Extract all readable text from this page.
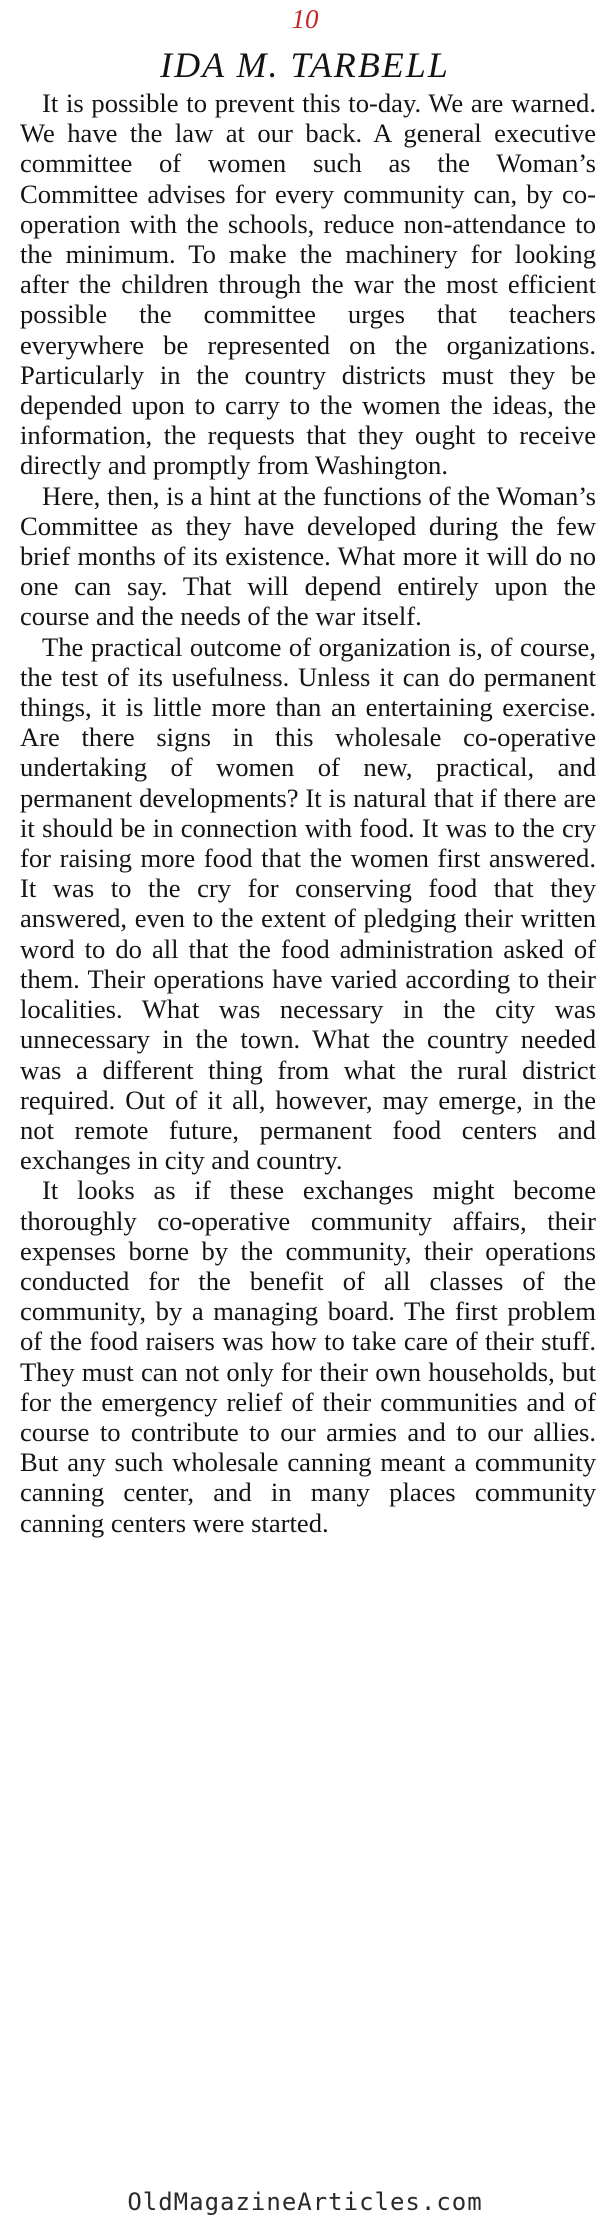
10
IDA M. TARBELL

It is possible to prevent this to-day. We are warned. We have the law at our back. A general executive committee of women such as the Woman’s Committee advises for every community can, by co-operation with the schools, reduce non-attendance to the minimum. To make the machinery for looking after the children through the war the most efficient possible the committee urges that teachers everywhere be represented on the organizations. Particularly in the country districts must they be depended upon to carry to the women the ideas, the information, the requests that they ought to receive directly and promptly from Washington.

Here, then, is a hint at the functions of the Woman’s Committee as they have developed during the few brief months of its existence. What more it will do no one can say. That will depend entirely upon the course and the needs of the war itself.

The practical outcome of organization is, of course, the test of its usefulness. Unless it can do permanent things, it is little more than an entertaining exercise. Are there signs in this wholesale co-operative undertaking of women of new, practical, and permanent developments? It is natural that if there are it should be in connection with food. It was to the cry for raising more food that the women first answered. It was to the cry for conserving food that they answered, even to the extent of pledging their written word to do all that the food administration asked of them. Their operations have varied according to their localities. What was necessary in the city was unnecessary in the town. What the country needed was a different thing from what the rural district required. Out of it all, however, may emerge, in the not remote future, permanent food centers and exchanges in city and country.

It looks as if these exchanges might become thoroughly co-operative community affairs, their expenses borne by the community, their operations conducted for the benefit of all classes of the community, by a managing board. The first problem of the food raisers was how to take care of their stuff. They must can not only for their own households, but for the emergency relief of their communities and of course to contribute to our armies and to our allies. But any such wholesale canning meant a community canning center, and in many places community canning centers were started.

OldMagazineArticles.com
